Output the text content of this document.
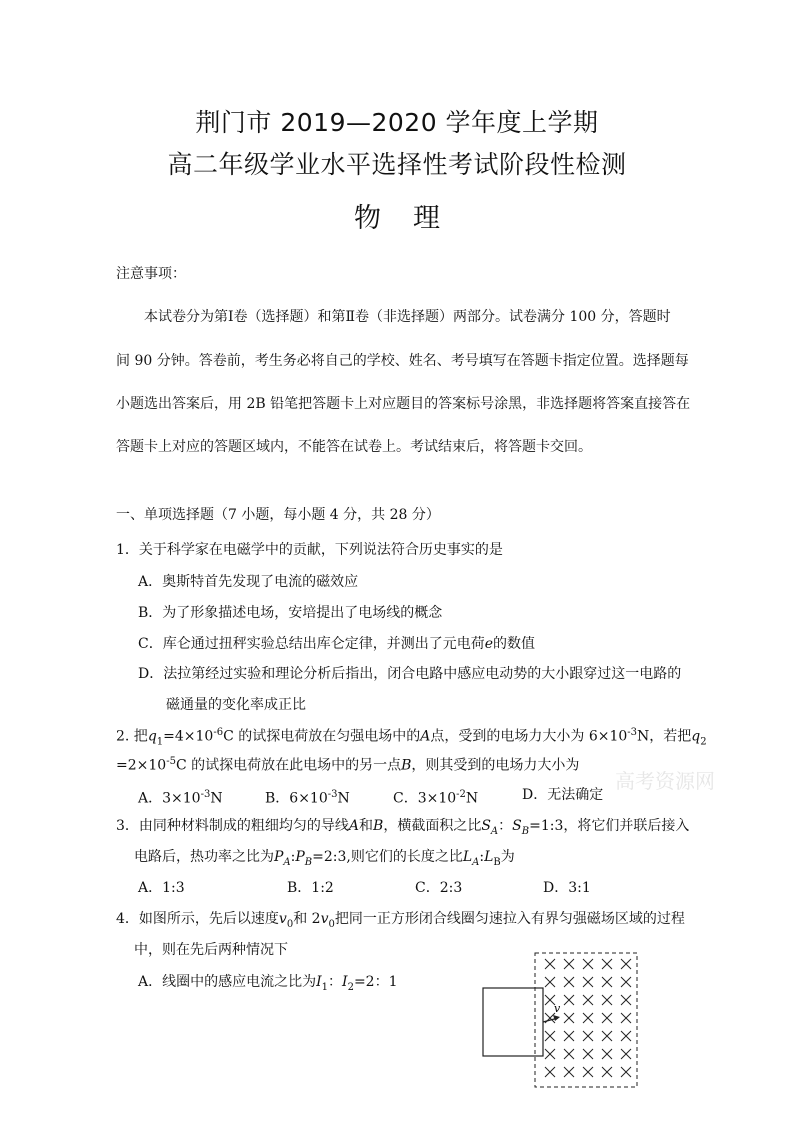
荆门市 2019—2020 学年度上学期
高二年级学业水平选择性考试阶段性检测
物理
注意事项：
本试卷分为第Ⅰ卷（选择题）和第Ⅱ卷（非选择题）两部分。试卷满分 100 分，答题时
间 90 分钟。答卷前，考生务必将自己的学校、姓名、考号填写在答题卡指定位置。选择题每
小题选出答案后，用 2B 铅笔把答题卡上对应题目的答案标号涂黑，非选择题将答案直接答在
答题卡上对应的答题区域内，不能答在试卷上。考试结束后，将答题卡交回。
一、单项选择题（7 小题，每小题 4 分，共 28 分）
1．关于科学家在电磁学中的贡献，下列说法符合历史事实的是
A．奥斯特首先发现了电流的磁效应
B．为了形象描述电场，安培提出了电场线的概念
C．库仑通过扭秤实验总结出库仑定律，并测出了元电荷e的数值
D．法拉第经过实验和理论分析后指出，闭合电路中感应电动势的大小跟穿过这一电路的
磁通量的变化率成正比
2. 把$q_1=4\times 10^{-6}C$ 的试探电荷放在匀强电场中的A点，受到的电场力大小为 $6\times 10^{-3}N$，若把$q_2$
$=2\times 10^{-5}C$ 的试探电荷放在此电场中的另一点B，则其受到的电场力大小为
高考资源网
A．$3\times 10^{-3}N$	B．$6\times 10^{-3}N$	C．$3\times 10^{-2}N$	D．无法确定
3．由同种材料制成的粗细均匀的导线A和B，横截面积之比$S_A$：$S_B=1:3$，将它们并联后接入
电路后，热功率之比为$P_A:P_B=2:3$,则它们的长度之比$L_A:L_B$为
A．1:3	B．1:2	C．2:3	D．3:1
4．如图所示，先后以速度$v_0$和 $2v_0$把同一正方形闭合线圈匀速拉入有界匀强磁场区域的过程
中，则在先后两种情况下
A．线圈中的感应电流之比为$I_1$：$I_2=2$：1
v
